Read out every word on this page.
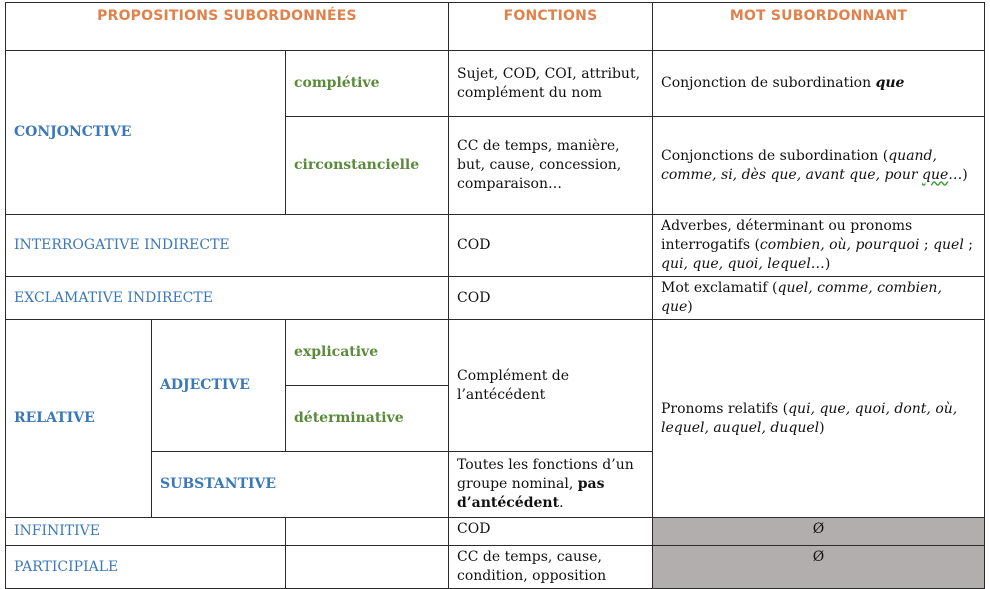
PROPOSITIONS SUBORDONNÉES			FONCTIONS	MOT SUBORDONNANT
CONJONCTIVE		complétive	Sujet, COD, COI, attribut, complément du nom	Conjonction de subordination que
		circonstancielle	CC de temps, manière, but, cause, concession, comparaison…	Conjonctions de subordination (quand, comme, si, dès que, avant que, pour que…)
INTERROGATIVE INDIRECTE			COD	Adverbes, déterminant ou pronoms interrogatifs (combien, où, pourquoi ; quel ; qui, que, quoi, lequel…)
EXCLAMATIVE INDIRECTE			COD	Mot exclamatif (quel, comme, combien, que)
RELATIVE	ADJECTIVE	explicative	Complément de l’antécédent	Pronoms relatifs (qui, que, quoi, dont, où, lequel, auquel, duquel)
		déterminative		
	SUBSTANTIVE		Toutes les fonctions d’un groupe nominal, pas d’antécédent.	
INFINITIVE			COD	Ø
PARTICIPIALE			CC de temps, cause, condition, opposition	Ø
